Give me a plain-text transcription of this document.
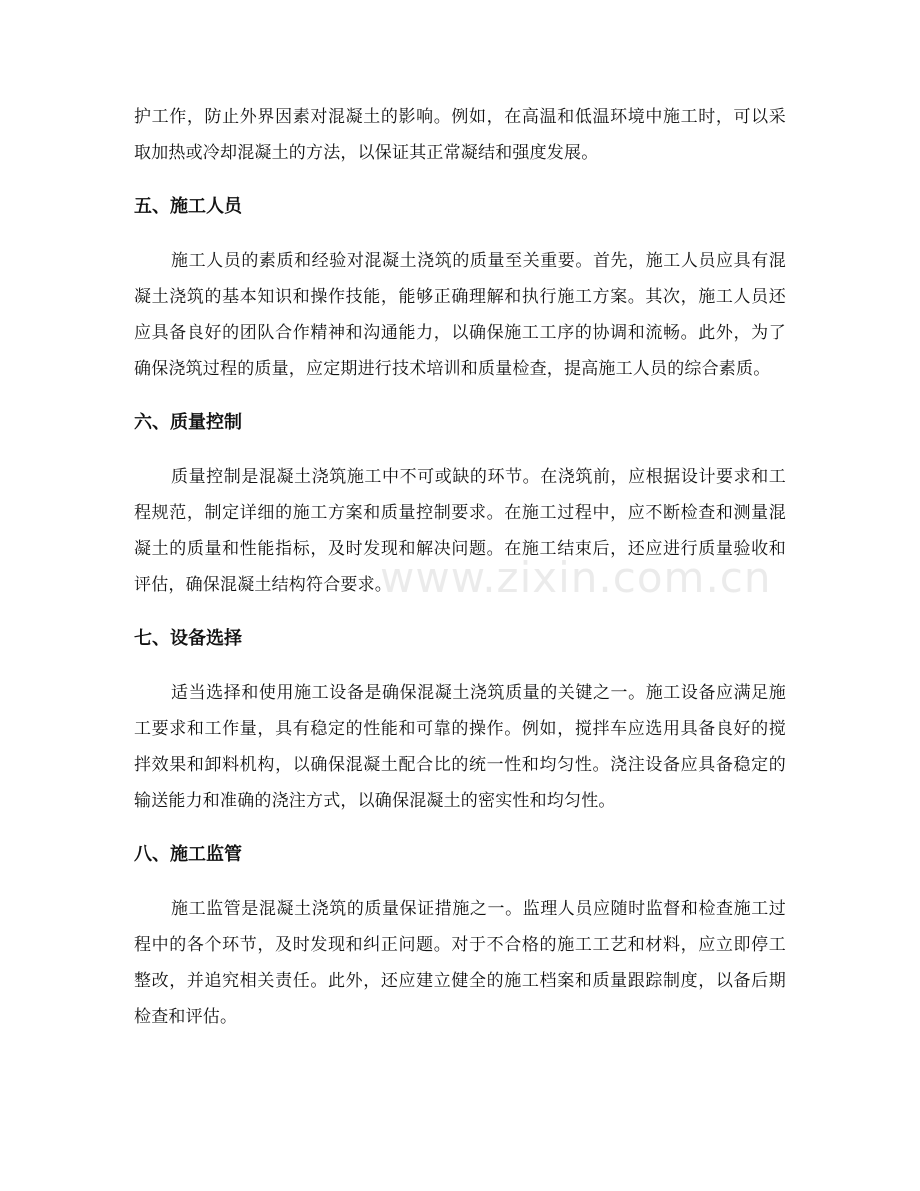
护工作，防止外界因素对混凝土的影响。例如，在高温和低温环境中施工时，可以采取加热或冷却混凝土的方法，以保证其正常凝结和强度发展。

五、施工人员

施工人员的素质和经验对混凝土浇筑的质量至关重要。首先，施工人员应具有混凝土浇筑的基本知识和操作技能，能够正确理解和执行施工方案。其次，施工人员还应具备良好的团队合作精神和沟通能力，以确保施工工序的协调和流畅。此外，为了确保浇筑过程的质量，应定期进行技术培训和质量检查，提高施工人员的综合素质。

六、质量控制

质量控制是混凝土浇筑施工中不可或缺的环节。在浇筑前，应根据设计要求和工程规范，制定详细的施工方案和质量控制要求。在施工过程中，应不断检查和测量混凝土的质量和性能指标，及时发现和解决问题。在施工结束后，还应进行质量验收和评估，确保混凝土结构符合要求。

七、设备选择

适当选择和使用施工设备是确保混凝土浇筑质量的关键之一。施工设备应满足施工要求和工作量，具有稳定的性能和可靠的操作。例如，搅拌车应选用具备良好的搅拌效果和卸料机构，以确保混凝土配合比的统一性和均匀性。浇注设备应具备稳定的输送能力和准确的浇注方式，以确保混凝土的密实性和均匀性。

八、施工监管

施工监管是混凝土浇筑的质量保证措施之一。监理人员应随时监督和检查施工过程中的各个环节，及时发现和纠正问题。对于不合格的施工工艺和材料，应立即停工整改，并追究相关责任。此外，还应建立健全的施工档案和质量跟踪制度，以备后期检查和评估。

www.zixin.com.cn
